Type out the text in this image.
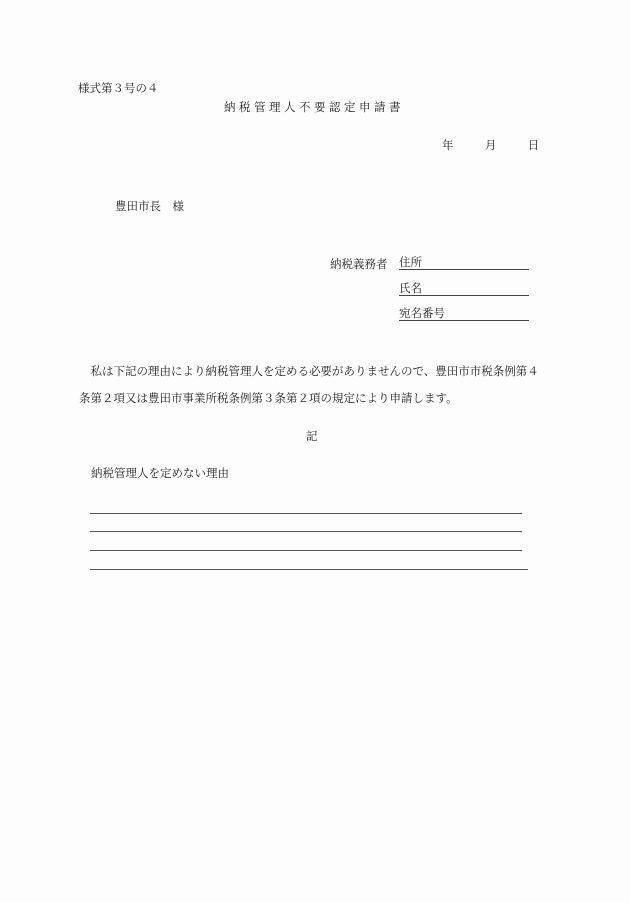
様式第３号の４
納税管理人不要認定申請書
年	月	日
豊田市長　様
納税義務者 住所
氏名
宛名番号
　私は下記の理由により納税管理人を定める必要がありませんので、豊田市市税条例第４
条第２項又は豊田市事業所税条例第３条第２項の規定により申請します。
記
納税管理人を定めない理由
